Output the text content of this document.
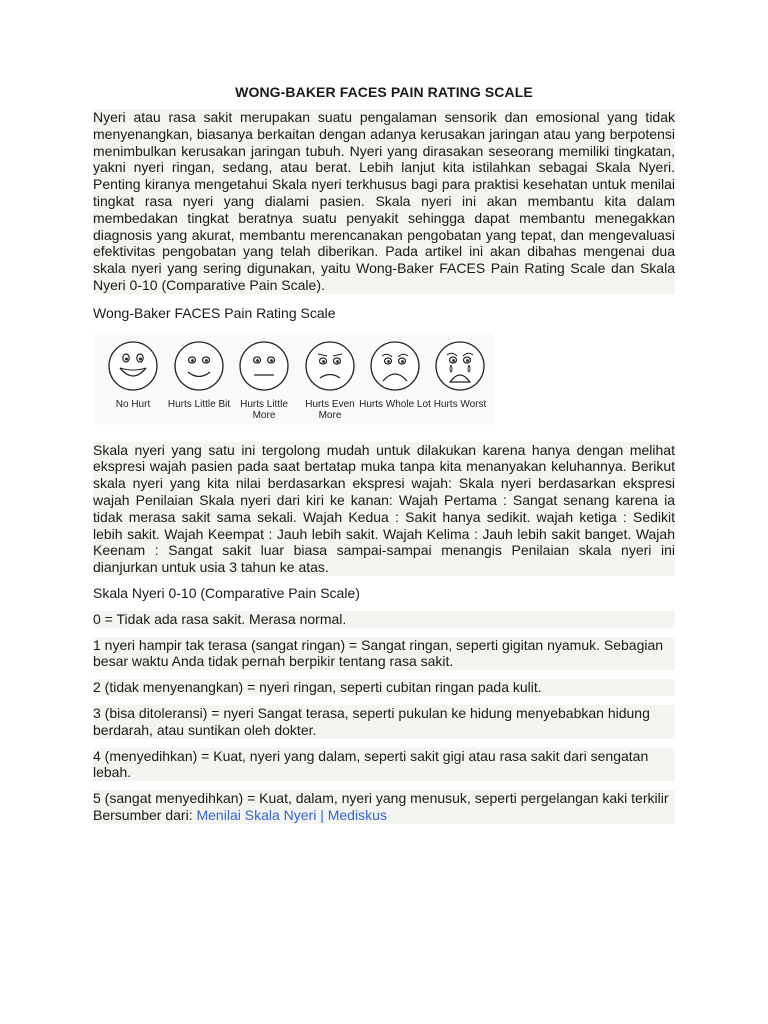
WONG-BAKER FACES PAIN RATING SCALE

Nyeri atau rasa sakit merupakan suatu pengalaman sensorik dan emosional yang tidak menyenangkan, biasanya berkaitan dengan adanya kerusakan jaringan atau yang berpotensi menimbulkan kerusakan jaringan tubuh. Nyeri yang dirasakan seseorang memiliki tingkatan, yakni nyeri ringan, sedang, atau berat. Lebih lanjut kita istilahkan sebagai Skala Nyeri. Penting kiranya mengetahui Skala nyeri terkhusus bagi para praktisi kesehatan untuk menilai tingkat rasa nyeri yang dialami pasien. Skala nyeri ini akan membantu kita dalam membedakan tingkat beratnya suatu penyakit sehingga dapat membantu menegakkan diagnosis yang akurat, membantu merencanakan pengobatan yang tepat, dan mengevaluasi efektivitas pengobatan yang telah diberikan. Pada artikel ini akan dibahas mengenai dua skala nyeri yang sering digunakan, yaitu Wong-Baker FACES Pain Rating Scale dan Skala Nyeri 0-10 (Comparative Pain Scale).

Wong-Baker FACES Pain Rating Scale

No Hurt	Hurts Little Bit Hurts Little More
Hurts Even More
Hurts Whole Lot Hurts Worst

Skala nyeri yang satu ini tergolong mudah untuk dilakukan karena hanya dengan melihat ekspresi wajah pasien pada saat bertatap muka tanpa kita menanyakan keluhannya. Berikut skala nyeri yang kita nilai berdasarkan ekspresi wajah: Skala nyeri berdasarkan ekspresi wajah Penilaian Skala nyeri dari kiri ke kanan: Wajah Pertama : Sangat senang karena ia tidak merasa sakit sama sekali. Wajah Kedua : Sakit hanya sedikit. wajah ketiga : Sedikit lebih sakit. Wajah Keempat : Jauh lebih sakit. Wajah Kelima : Jauh lebih sakit banget. Wajah Keenam : Sangat sakit luar biasa sampai-sampai menangis Penilaian skala nyeri ini dianjurkan untuk usia 3 tahun ke atas.

Skala Nyeri 0-10 (Comparative Pain Scale)

0 = Tidak ada rasa sakit. Merasa normal.

1 nyeri hampir tak terasa (sangat ringan) = Sangat ringan, seperti gigitan nyamuk. Sebagian besar waktu Anda tidak pernah berpikir tentang rasa sakit.

2 (tidak menyenangkan) = nyeri ringan, seperti cubitan ringan pada kulit.

3 (bisa ditoleransi) = nyeri Sangat terasa, seperti pukulan ke hidung menyebabkan hidung berdarah, atau suntikan oleh dokter.

4 (menyedihkan) = Kuat, nyeri yang dalam, seperti sakit gigi atau rasa sakit dari sengatan lebah.

5 (sangat menyedihkan) = Kuat, dalam, nyeri yang menusuk, seperti pergelangan kaki terkilir

Bersumber dari: Menilai Skala Nyeri | Mediskus
